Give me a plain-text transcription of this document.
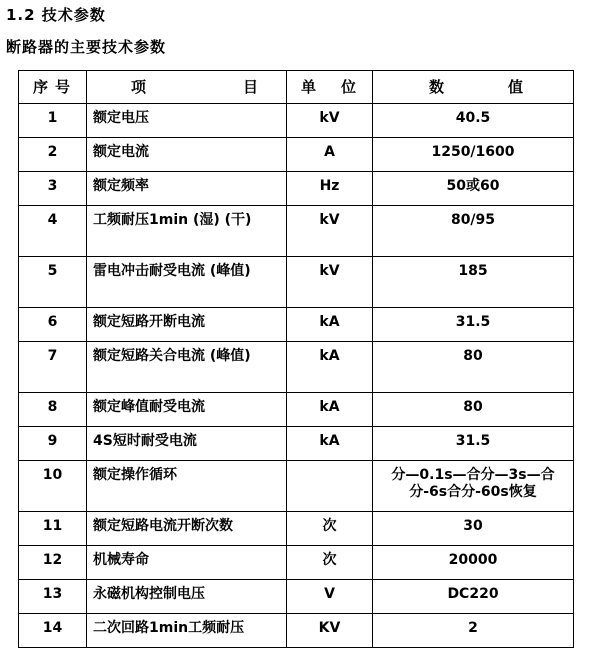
1.2 技术参数
断路器的主要技术参数
序 号	项 目	单 位	数 值

1	额定电压	kV	40.5
2	额定电流	A	1250/1600
3	额定频率	Hz	50或60
4	工频耐压1min (湿) (干)	kV	80/95
5	雷电冲击耐受电流 (峰值)	kV	185
6	额定短路开断电流	kA	31.5
7	额定短路关合电流 (峰值)	kA	80
8	额定峰值耐受电流	kA	80
9	4S短时耐受电流	kA	31.5
10	额定操作循环		分—0.1s—合分—3s—合分-6s合分-60s恢复
11	额定短路电流开断次数	次	30
12	机械寿命	次	20000
13	永磁机构控制电压	V	DC220
14	二次回路1min工频耐压	KV	2
